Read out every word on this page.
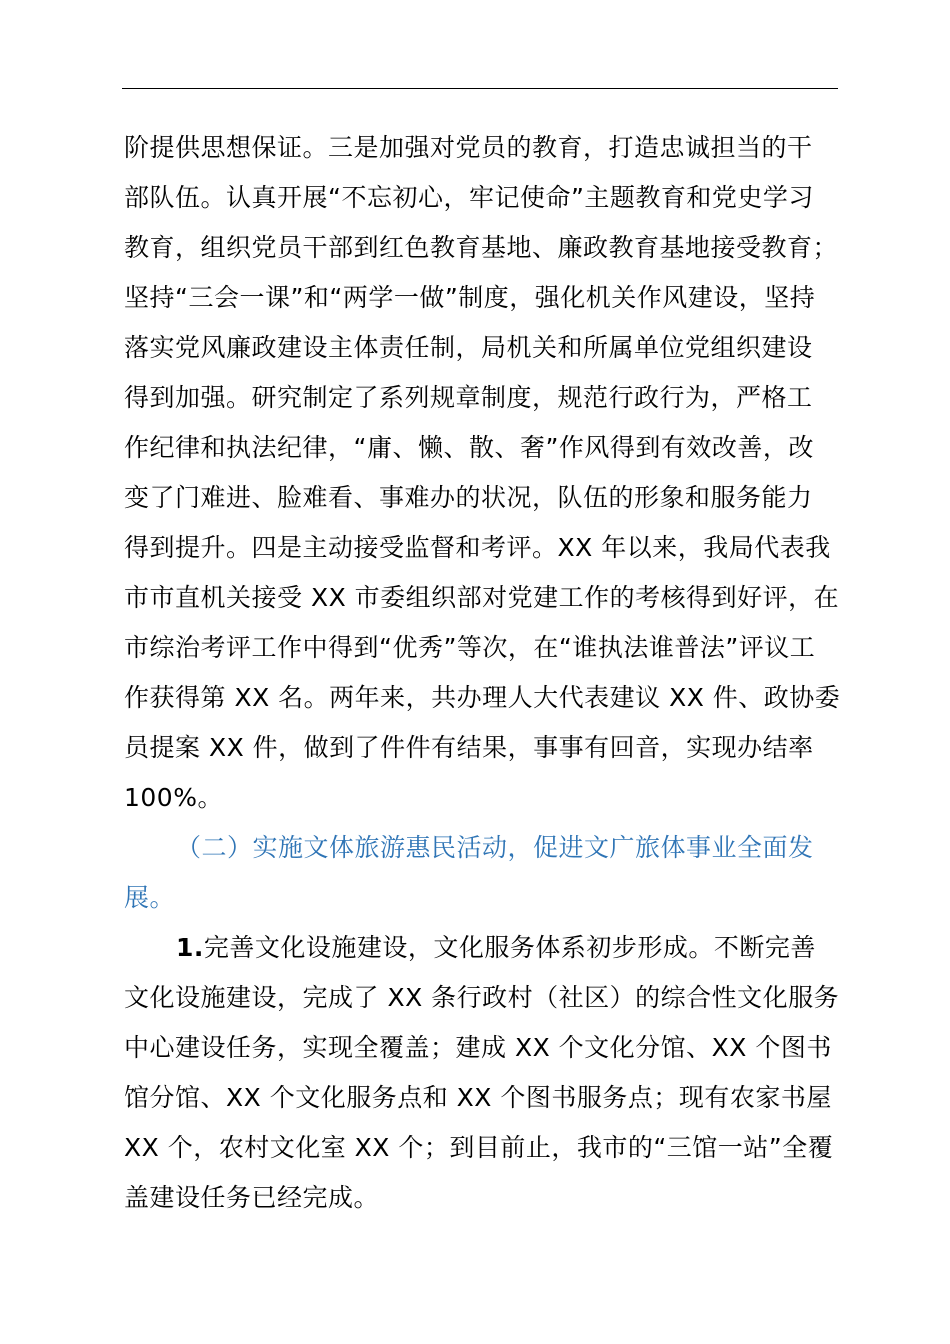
阶提供思想保证。三是加强对党员的教育，打造忠诚担当的干
部队伍。认真开展“不忘初心，牢记使命”主题教育和党史学习
教育，组织党员干部到红色教育基地、廉政教育基地接受教育；
坚持“三会一课”和“两学一做”制度，强化机关作风建设，坚持
落实党风廉政建设主体责任制，局机关和所属单位党组织建设
得到加强。研究制定了系列规章制度，规范行政行为，严格工
作纪律和执法纪律，“庸、懒、散、奢”作风得到有效改善，改
变了门难进、脸难看、事难办的状况，队伍的形象和服务能力
得到提升。四是主动接受监督和考评。XX 年以来，我局代表我
市市直机关接受 XX 市委组织部对党建工作的考核得到好评，在
市综治考评工作中得到“优秀”等次，在“谁执法谁普法”评议工
作获得第 XX 名。两年来，共办理人大代表建议 XX 件、政协委
员提案 XX 件，做到了件件有结果，事事有回音，实现办结率
100%。
（二）实施文体旅游惠民活动，促进文广旅体事业全面发
展。
1.完善文化设施建设，文化服务体系初步形成。不断完善
文化设施建设，完成了 XX 条行政村（社区）的综合性文化服务
中心建设任务，实现全覆盖；建成 XX 个文化分馆、XX 个图书
馆分馆、XX 个文化服务点和 XX 个图书服务点；现有农家书屋
XX 个，农村文化室 XX 个；到目前止，我市的“三馆一站”全覆
盖建设任务已经完成。
